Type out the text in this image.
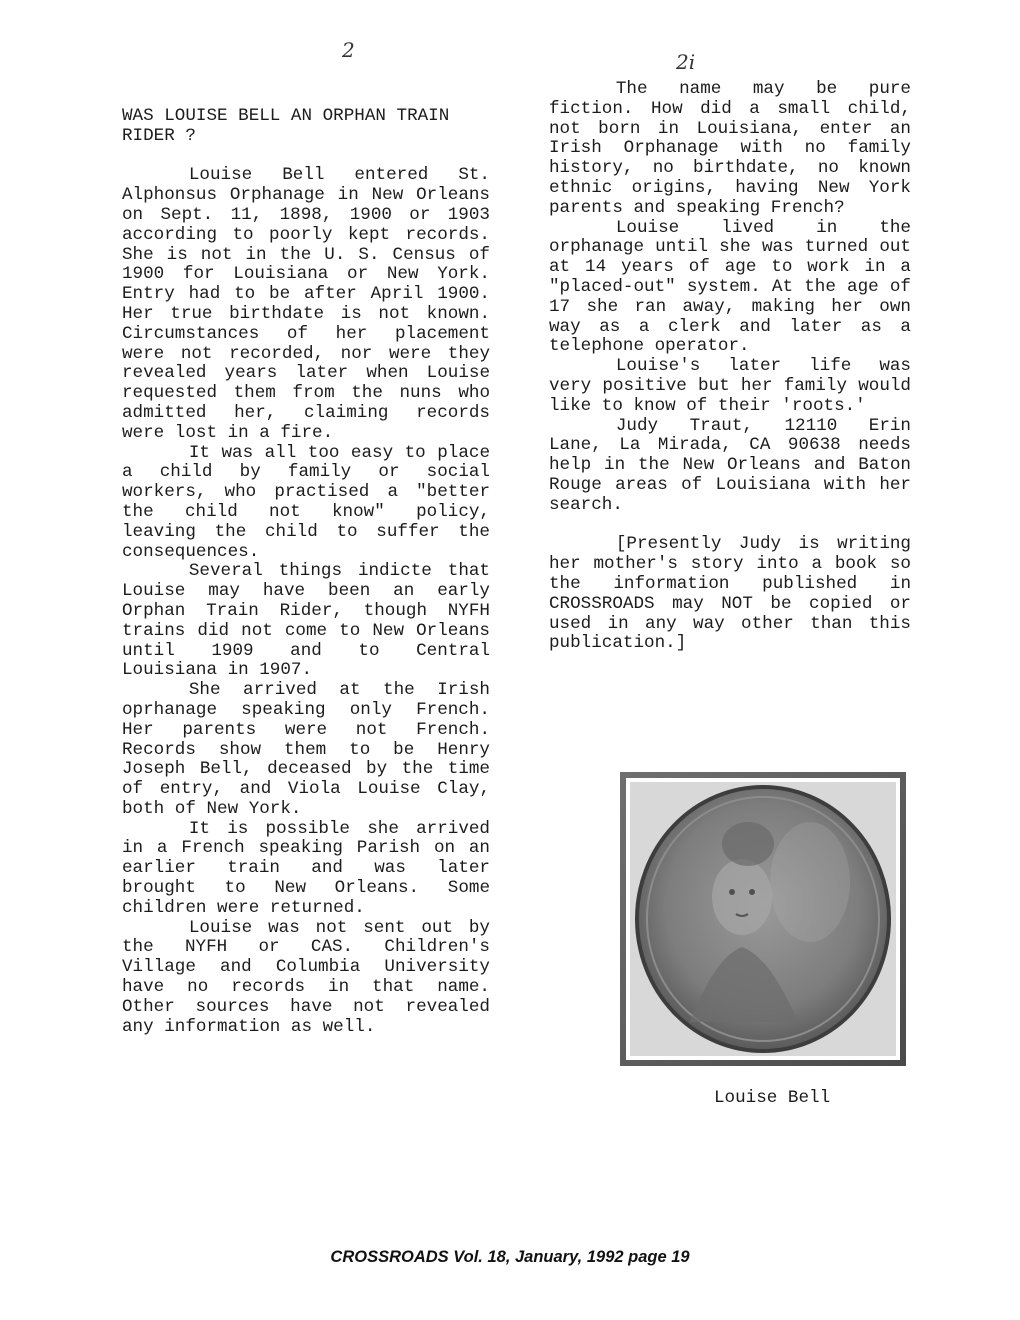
2	2i

WAS LOUISE BELL AN ORPHAN TRAIN RIDER ?

Louise Bell entered St. Alphonsus Orphanage in New Orleans on Sept. 11, 1898, 1900 or 1903 according to poorly kept records. She is not in the U. S. Census of 1900 for Louisiana or New York. Entry had to be after April 1900. Her true birthdate is not known. Circumstances of her placement were not recorded, nor were they revealed years later when Louise requested them from the nuns who admitted her, claiming records were lost in a fire.

It was all too easy to place a child by family or social workers, who practised a "better the child not know" policy, leaving the child to suffer the consequences.

Several things indicte that Louise may have been an early Orphan Train Rider, though NYFH trains did not come to New Orleans until 1909 and to Central Louisiana in 1907.

She arrived at the Irish oprhanage speaking only French. Her parents were not French. Records show them to be Henry Joseph Bell, deceased by the time of entry, and Viola Louise Clay, both of New York.

It is possible she arrived in a French speaking Parish on an earlier train and was later brought to New Orleans. Some children were returned.

Louise was not sent out by the NYFH or CAS. Children's Village and Columbia University have no records in that name. Other sources have not revealed any information as well.

The name may be pure fiction. How did a small child, not born in Louisiana, enter an Irish Orphanage with no family history, no birthdate, no known ethnic origins, having New York parents and speaking French?

Louise lived in the orphanage until she was turned out at 14 years of age to work in a "placed-out" system. At the age of 17 she ran away, making her own way as a clerk and later as a telephone operator.

Louise's later life was very positive but her family would like to know of their 'roots.'

Judy Traut, 12110 Erin Lane, La Mirada, CA 90638 needs help in the New Orleans and Baton Rouge areas of Louisiana with her search.

[Presently Judy is writing her mother's story into a book so the information published in CROSSROADS may NOT be copied or used in any way other than this publication.]

Louise Bell
CROSSROADS Vol. 18, January, 1992 page 19
